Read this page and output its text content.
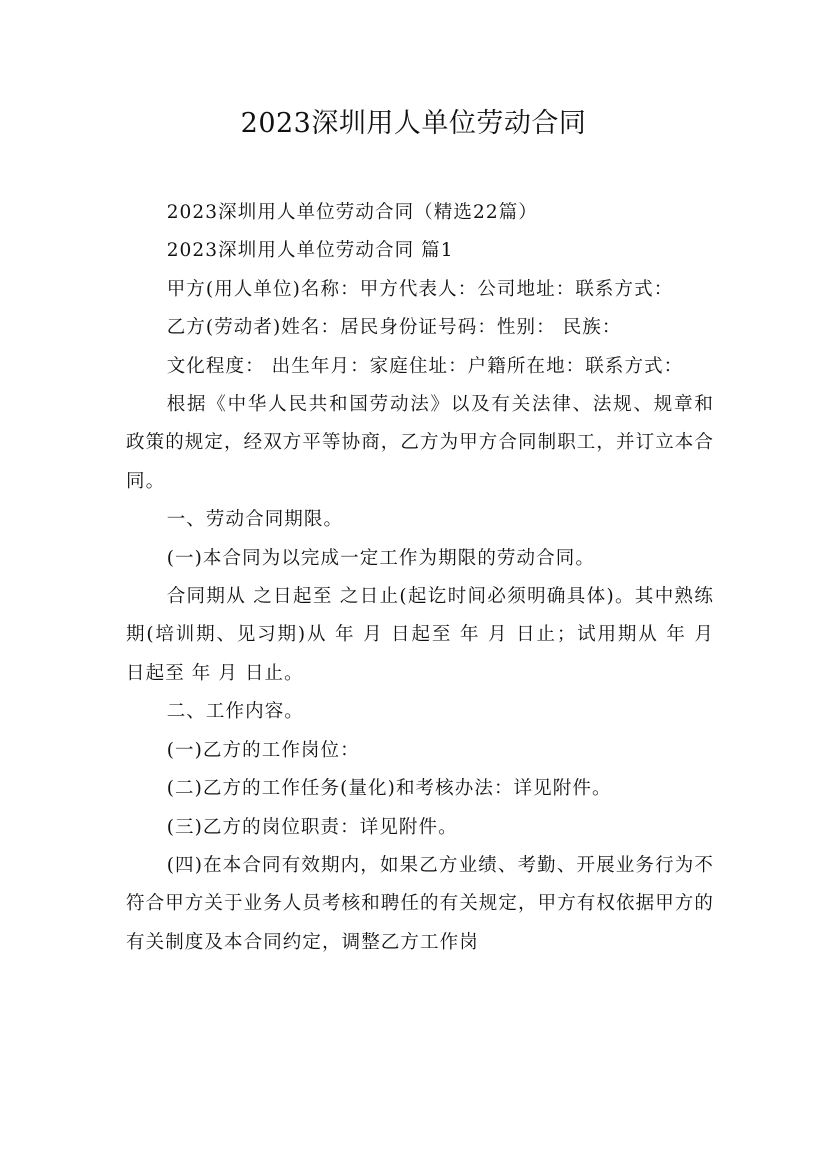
2023深圳用人单位劳动合同

2023深圳用人单位劳动合同（精选22篇）

2023深圳用人单位劳动合同 篇1

甲方(用人单位)名称：甲方代表人：公司地址：联系方式：

乙方(劳动者)姓名：居民身份证号码：性别： 民族：

文化程度： 出生年月：家庭住址：户籍所在地：联系方式：

根据《中华人民共和国劳动法》以及有关法律、法规、规章和政策的规定，经双方平等协商，乙方为甲方合同制职工，并订立本合同。

一、劳动合同期限。

(一)本合同为以完成一定工作为期限的劳动合同。

合同期从 之日起至 之日止(起讫时间必须明确具体)。其中熟练期(培训期、见习期)从 年 月 日起至 年 月 日止；试用期从 年 月 日起至 年 月 日止。

二、工作内容。

(一)乙方的工作岗位：

(二)乙方的工作任务(量化)和考核办法：详见附件。

(三)乙方的岗位职责：详见附件。

(四)在本合同有效期内，如果乙方业绩、考勤、开展业务行为不符合甲方关于业务人员考核和聘任的有关规定，甲方有权依据甲方的有关制度及本合同约定，调整乙方工作岗
